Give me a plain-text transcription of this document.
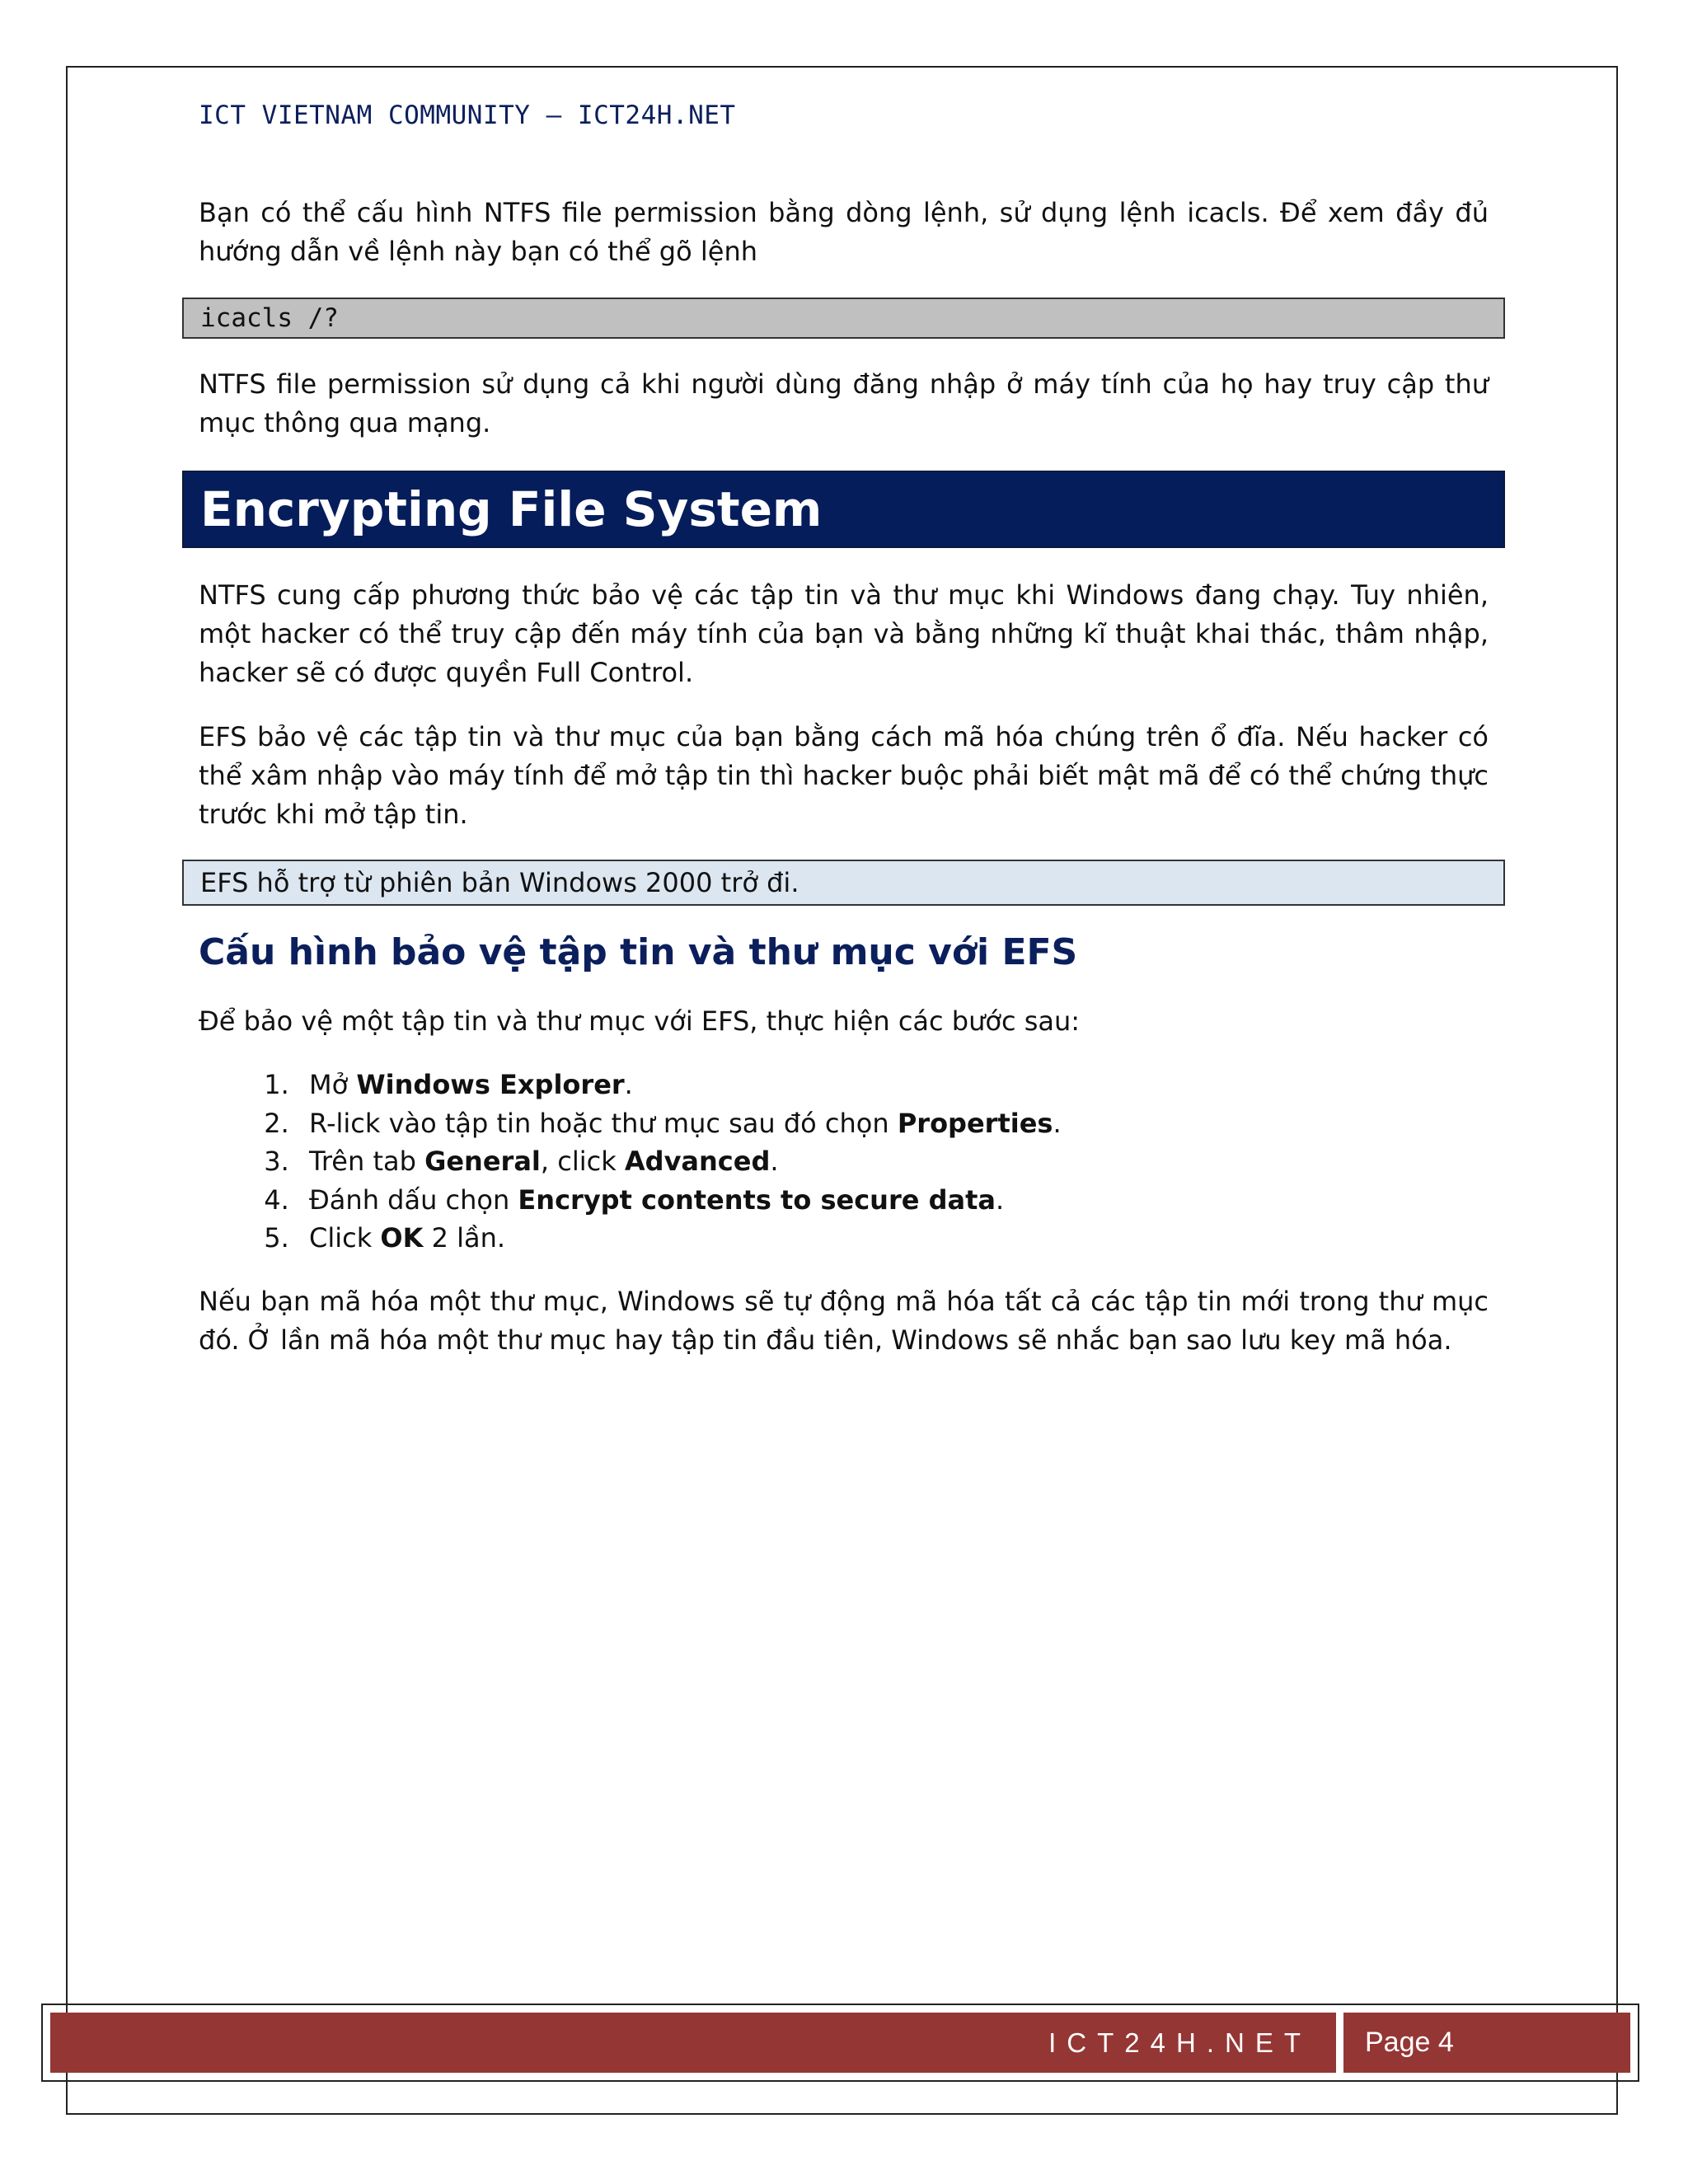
ICT VIETNAM COMMUNITY – ICT24H.NET

Bạn có thể cấu hình NTFS file permission bằng dòng lệnh, sử dụng lệnh icacls. Để xem đầy đủ hướng dẫn về lệnh này bạn có thể gõ lệnh

icacls /?

NTFS file permission sử dụng cả khi người dùng đăng nhập ở máy tính của họ hay truy cập thư mục thông qua mạng.

Encrypting File System

NTFS cung cấp phương thức bảo vệ các tập tin và thư mục khi Windows đang chạy. Tuy nhiên, một hacker có thể truy cập đến máy tính của bạn và bằng những kĩ thuật khai thác, thâm nhập, hacker sẽ có được quyền Full Control.

EFS bảo vệ các tập tin và thư mục của bạn bằng cách mã hóa chúng trên ổ đĩa. Nếu hacker có thể xâm nhập vào máy tính để mở tập tin thì hacker buộc phải biết mật mã để có thể chứng thực trước khi mở tập tin.

EFS hỗ trợ từ phiên bản Windows 2000 trở đi.
Cấu hình bảo vệ tập tin và thư mục với EFS

Để bảo vệ một tập tin và thư mục với EFS, thực hiện các bước sau:

1. Mở Windows Explorer.
2. R-lick vào tập tin hoặc thư mục sau đó chọn Properties.
3. Trên tab General, click Advanced.
4. Đánh dấu chọn Encrypt contents to secure data.
5. Click OK 2 lần.

Nếu bạn mã hóa một thư mục, Windows sẽ tự động mã hóa tất cả các tập tin mới trong thư mục đó. Ở lần mã hóa một thư mục hay tập tin đầu tiên, Windows sẽ nhắc bạn sao lưu key mã hóa.

ICT24H.NET Page 4
